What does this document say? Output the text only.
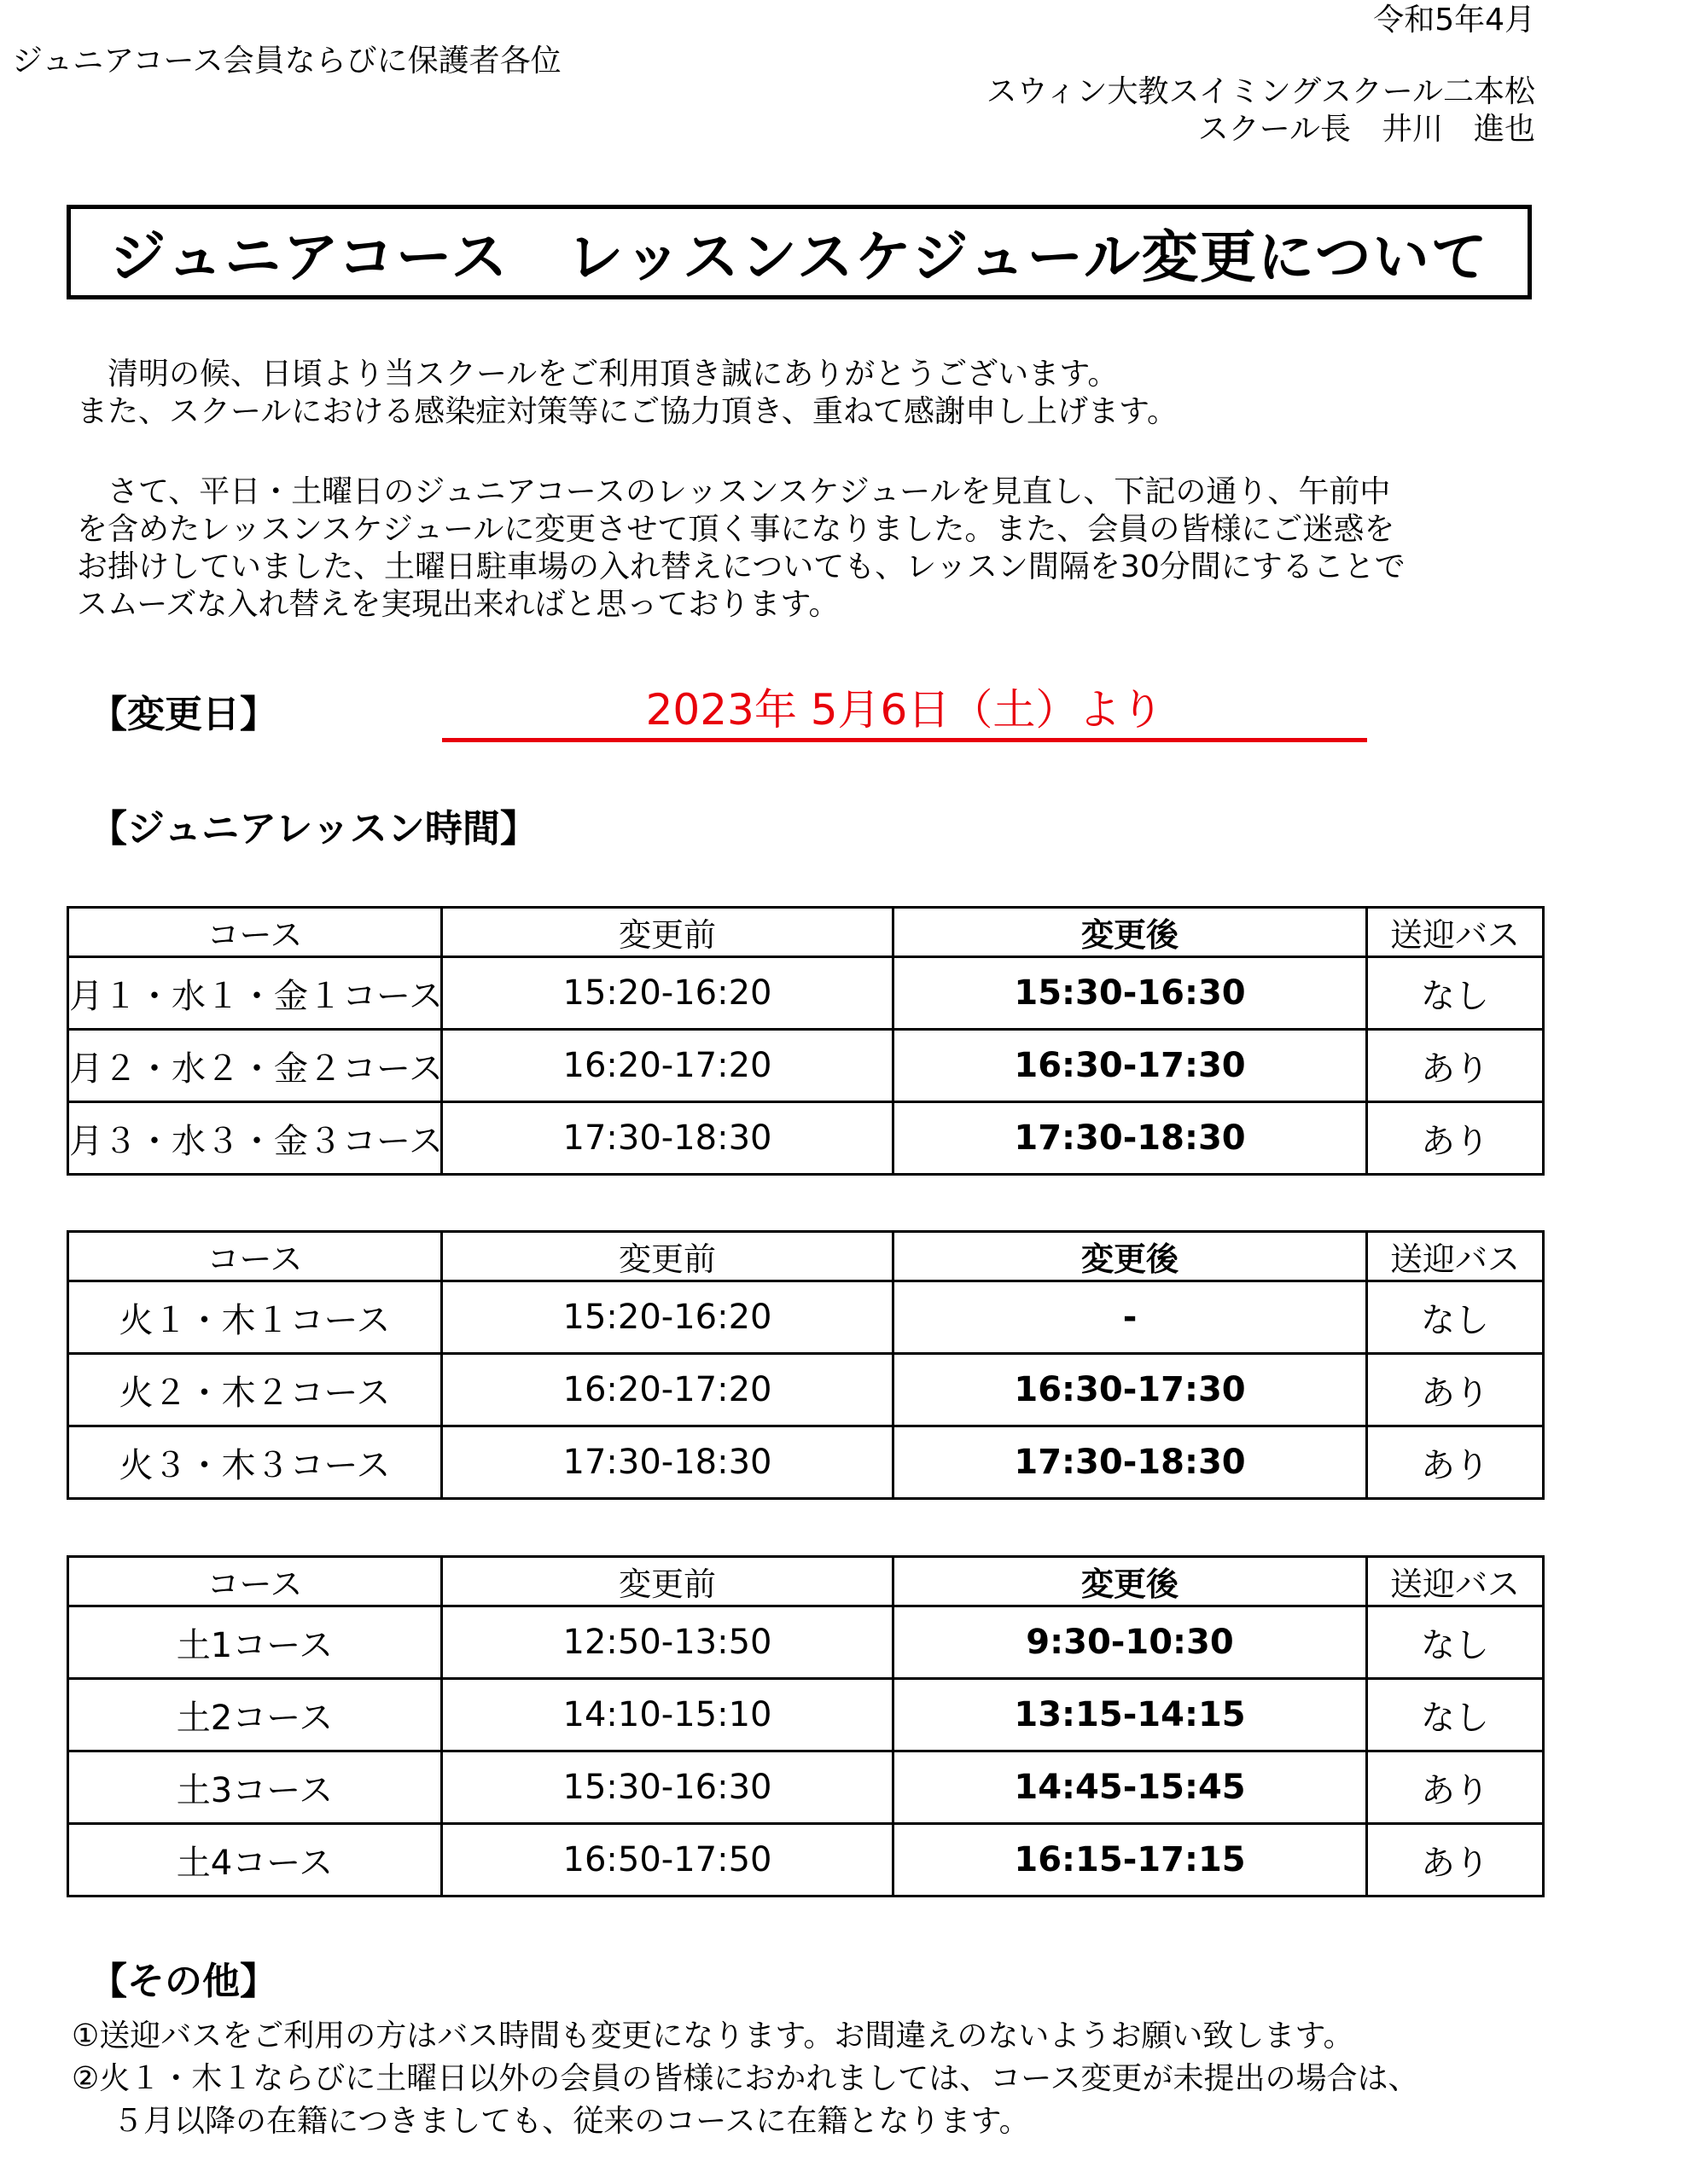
令和5年4月
ジュニアコース会員ならびに保護者各位
スウィン大教スイミングスクール二本松
スクール長　井川　進也
ジュニアコース　レッスンスケジュール変更について

　清明の候、日頃より当スクールをご利用頂き誠にありがとうございます。

また、スクールにおける感染症対策等にご協力頂き、重ねて感謝申し上げます。

　さて、平日・土曜日のジュニアコースのレッスンスケジュールを見直し、下記の通り、午前中

を含めたレッスンスケジュールに変更させて頂く事になりました。また、会員の皆様にご迷惑を

お掛けしていました、土曜日駐車場の入れ替えについても、レッスン間隔を30分間にすることで

スムーズな入れ替えを実現出来ればと思っております。

【変更日】	2023年 5月6日（土）より
【ジュニアレッスン時間】
コース	変更前	変更後	送迎バス
月１・水１・金１コース	15:20-16:20	15:30-16:30	なし
月２・水２・金２コース	16:20-17:20	16:30-17:30	あり
月３・水３・金３コース	17:30-18:30	17:30-18:30	あり
コース	変更前	変更後	送迎バス
火１・木１コース	15:20-16:20	-	なし
火２・木２コース	16:20-17:20	16:30-17:30	あり
火３・木３コース	17:30-18:30	17:30-18:30	あり
コース	変更前	変更後	送迎バス
土1コース	12:50-13:50	9:30-10:30	なし
土2コース	14:10-15:10	13:15-14:15	なし
土3コース	15:30-16:30	14:45-15:45	あり
土4コース	16:50-17:50	16:15-17:15	あり
【その他】

①送迎バスをご利用の方はバス時間も変更になります。お間違えのないようお願い致します。

②火１・木１ならびに土曜日以外の会員の皆様におかれましては、コース変更が未提出の場合は、

５月以降の在籍につきましても、従来のコースに在籍となります。
